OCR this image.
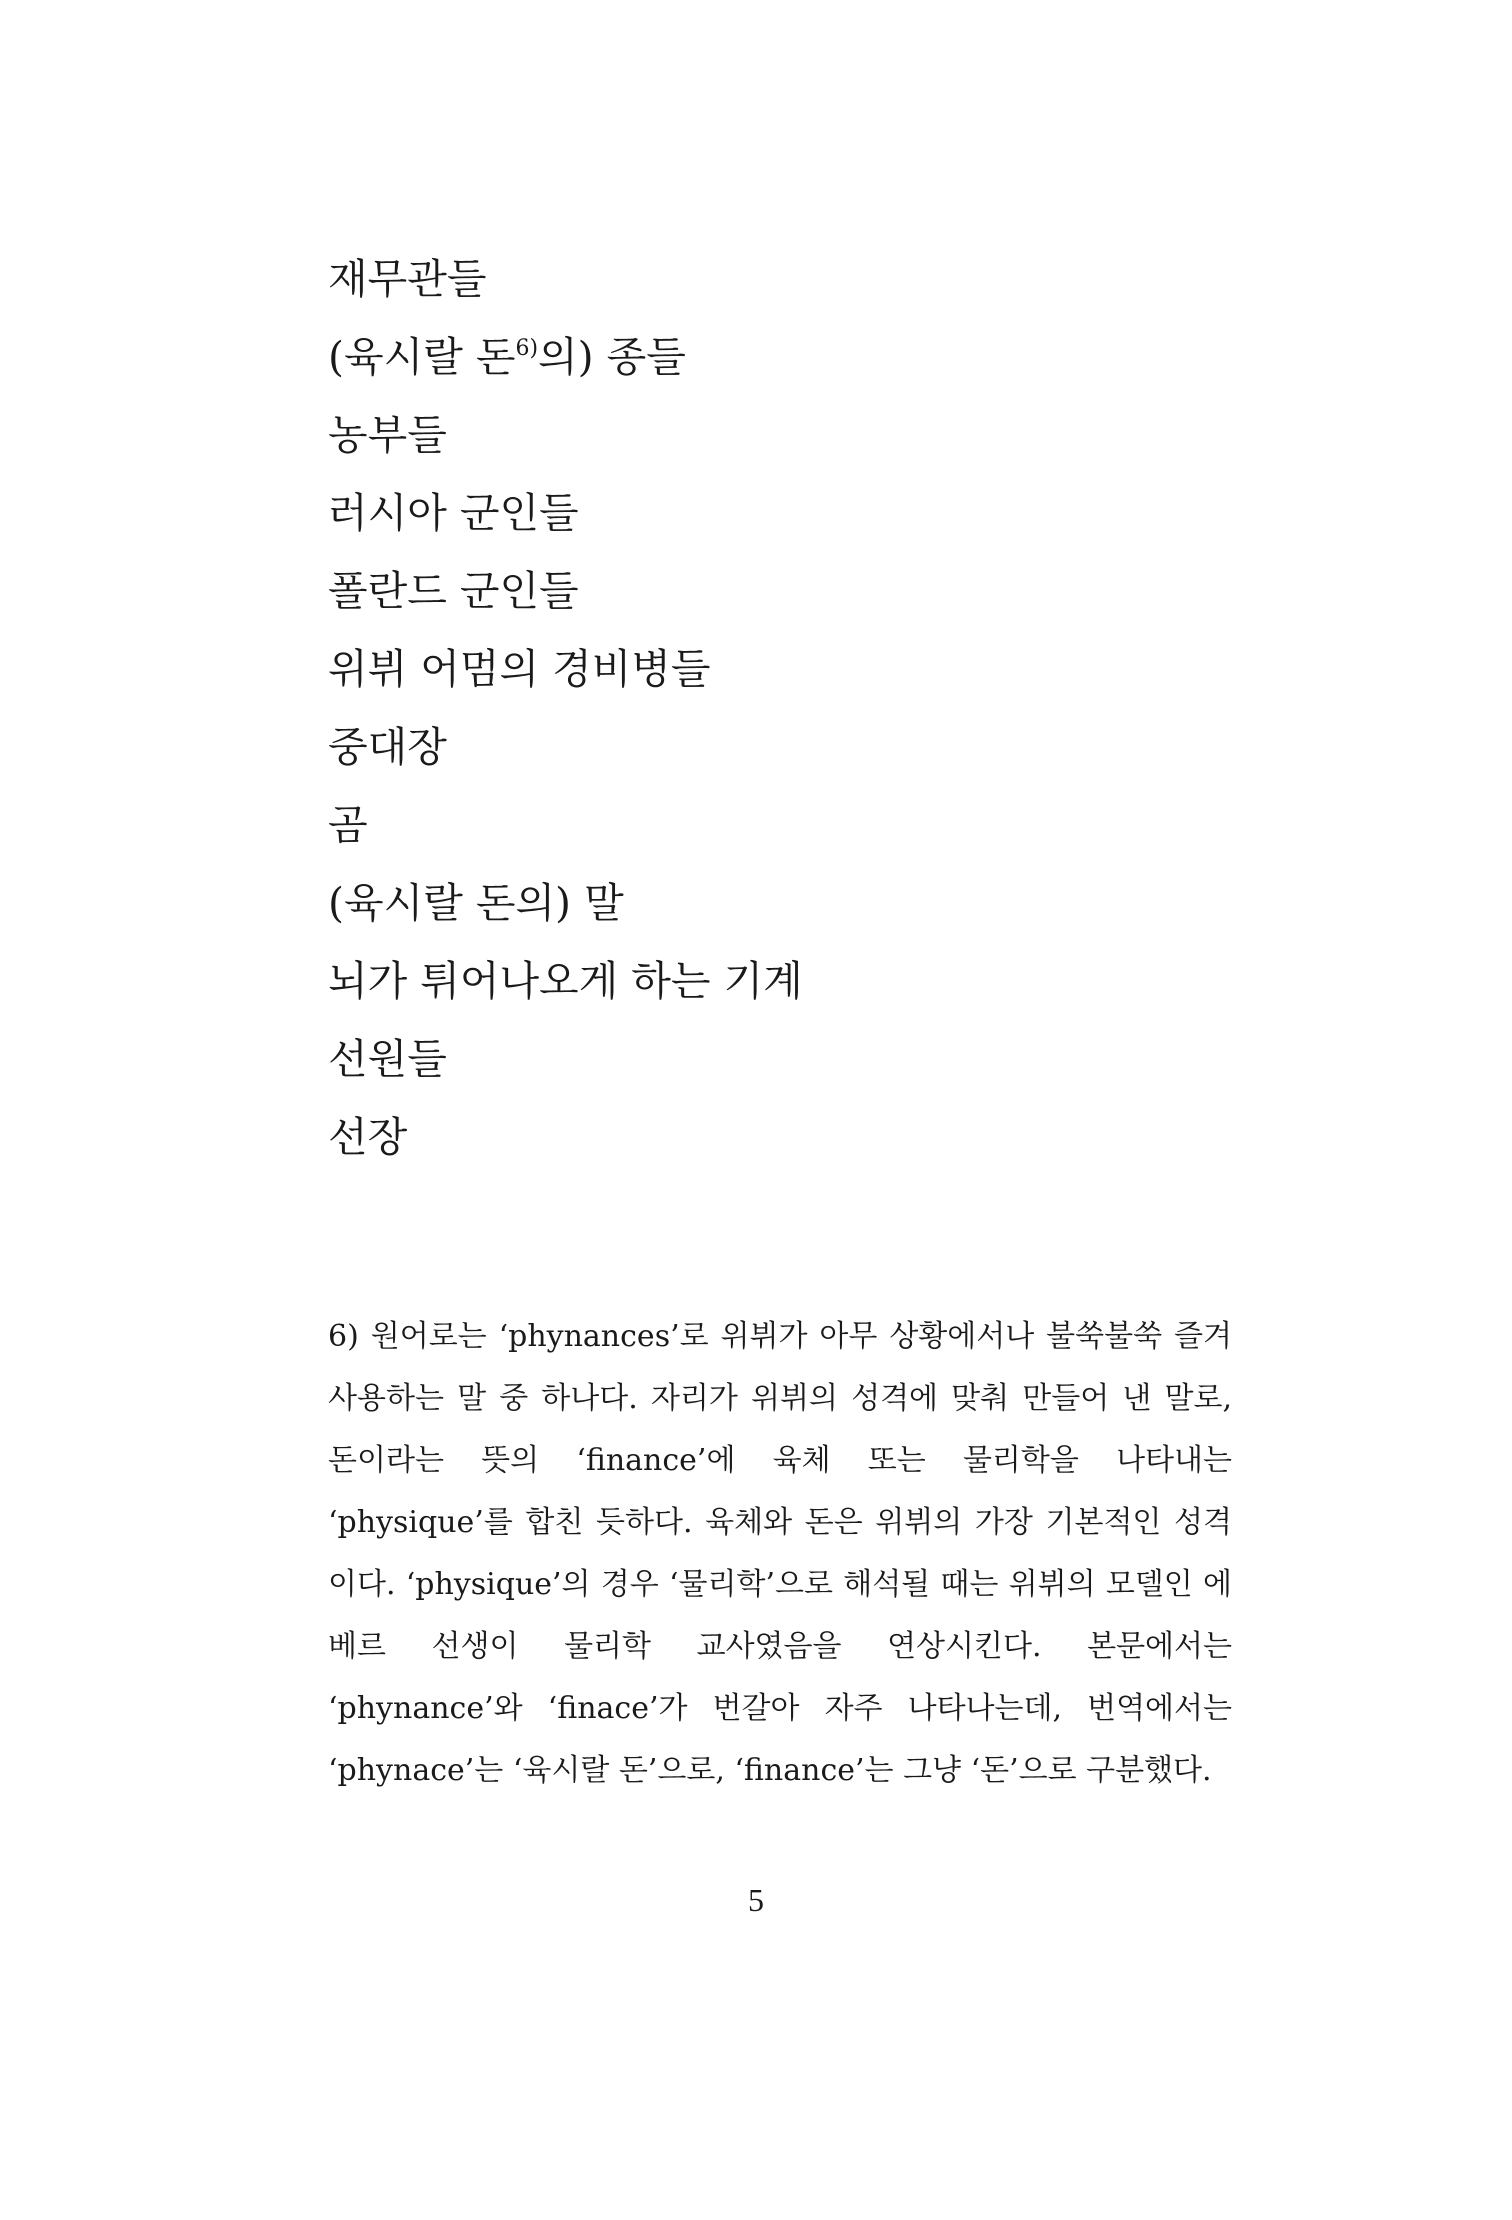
재무관들
(육시랄 돈$^{6)}$의) 종들
농부들
러시아 군인들
폴란드 군인들
위뷔 어멈의 경비병들
중대장
곰
(육시랄 돈의) 말
뇌가 튀어나오게 하는 기계
선원들
선장

6) 원어로는 ‘phynances’로 위뷔가 아무 상황에서나 불쑥불쑥 즐겨 사용하는 말 중 하나다. 자리가 위뷔의 성격에 맞춰 만들어 낸 말로, 돈이라는 뜻의 ‘finance’에 육체 또는 물리학을 나타내는 ‘physique’를 합친 듯하다. 육체와 돈은 위뷔의 가장 기본적인 성격이다. ‘physique’의 경우 ‘물리학’으로 해석될 때는 위뷔의 모델인 에베르 선생이 물리학 교사였음을 연상시킨다. 본문에서는 ‘phynance’와 ‘finace’가 번갈아 자주 나타나는데, 번역에서는 ‘phynace’는 ‘육시랄 돈’으로, ‘finance’는 그냥 ‘돈’으로 구분했다.

5
